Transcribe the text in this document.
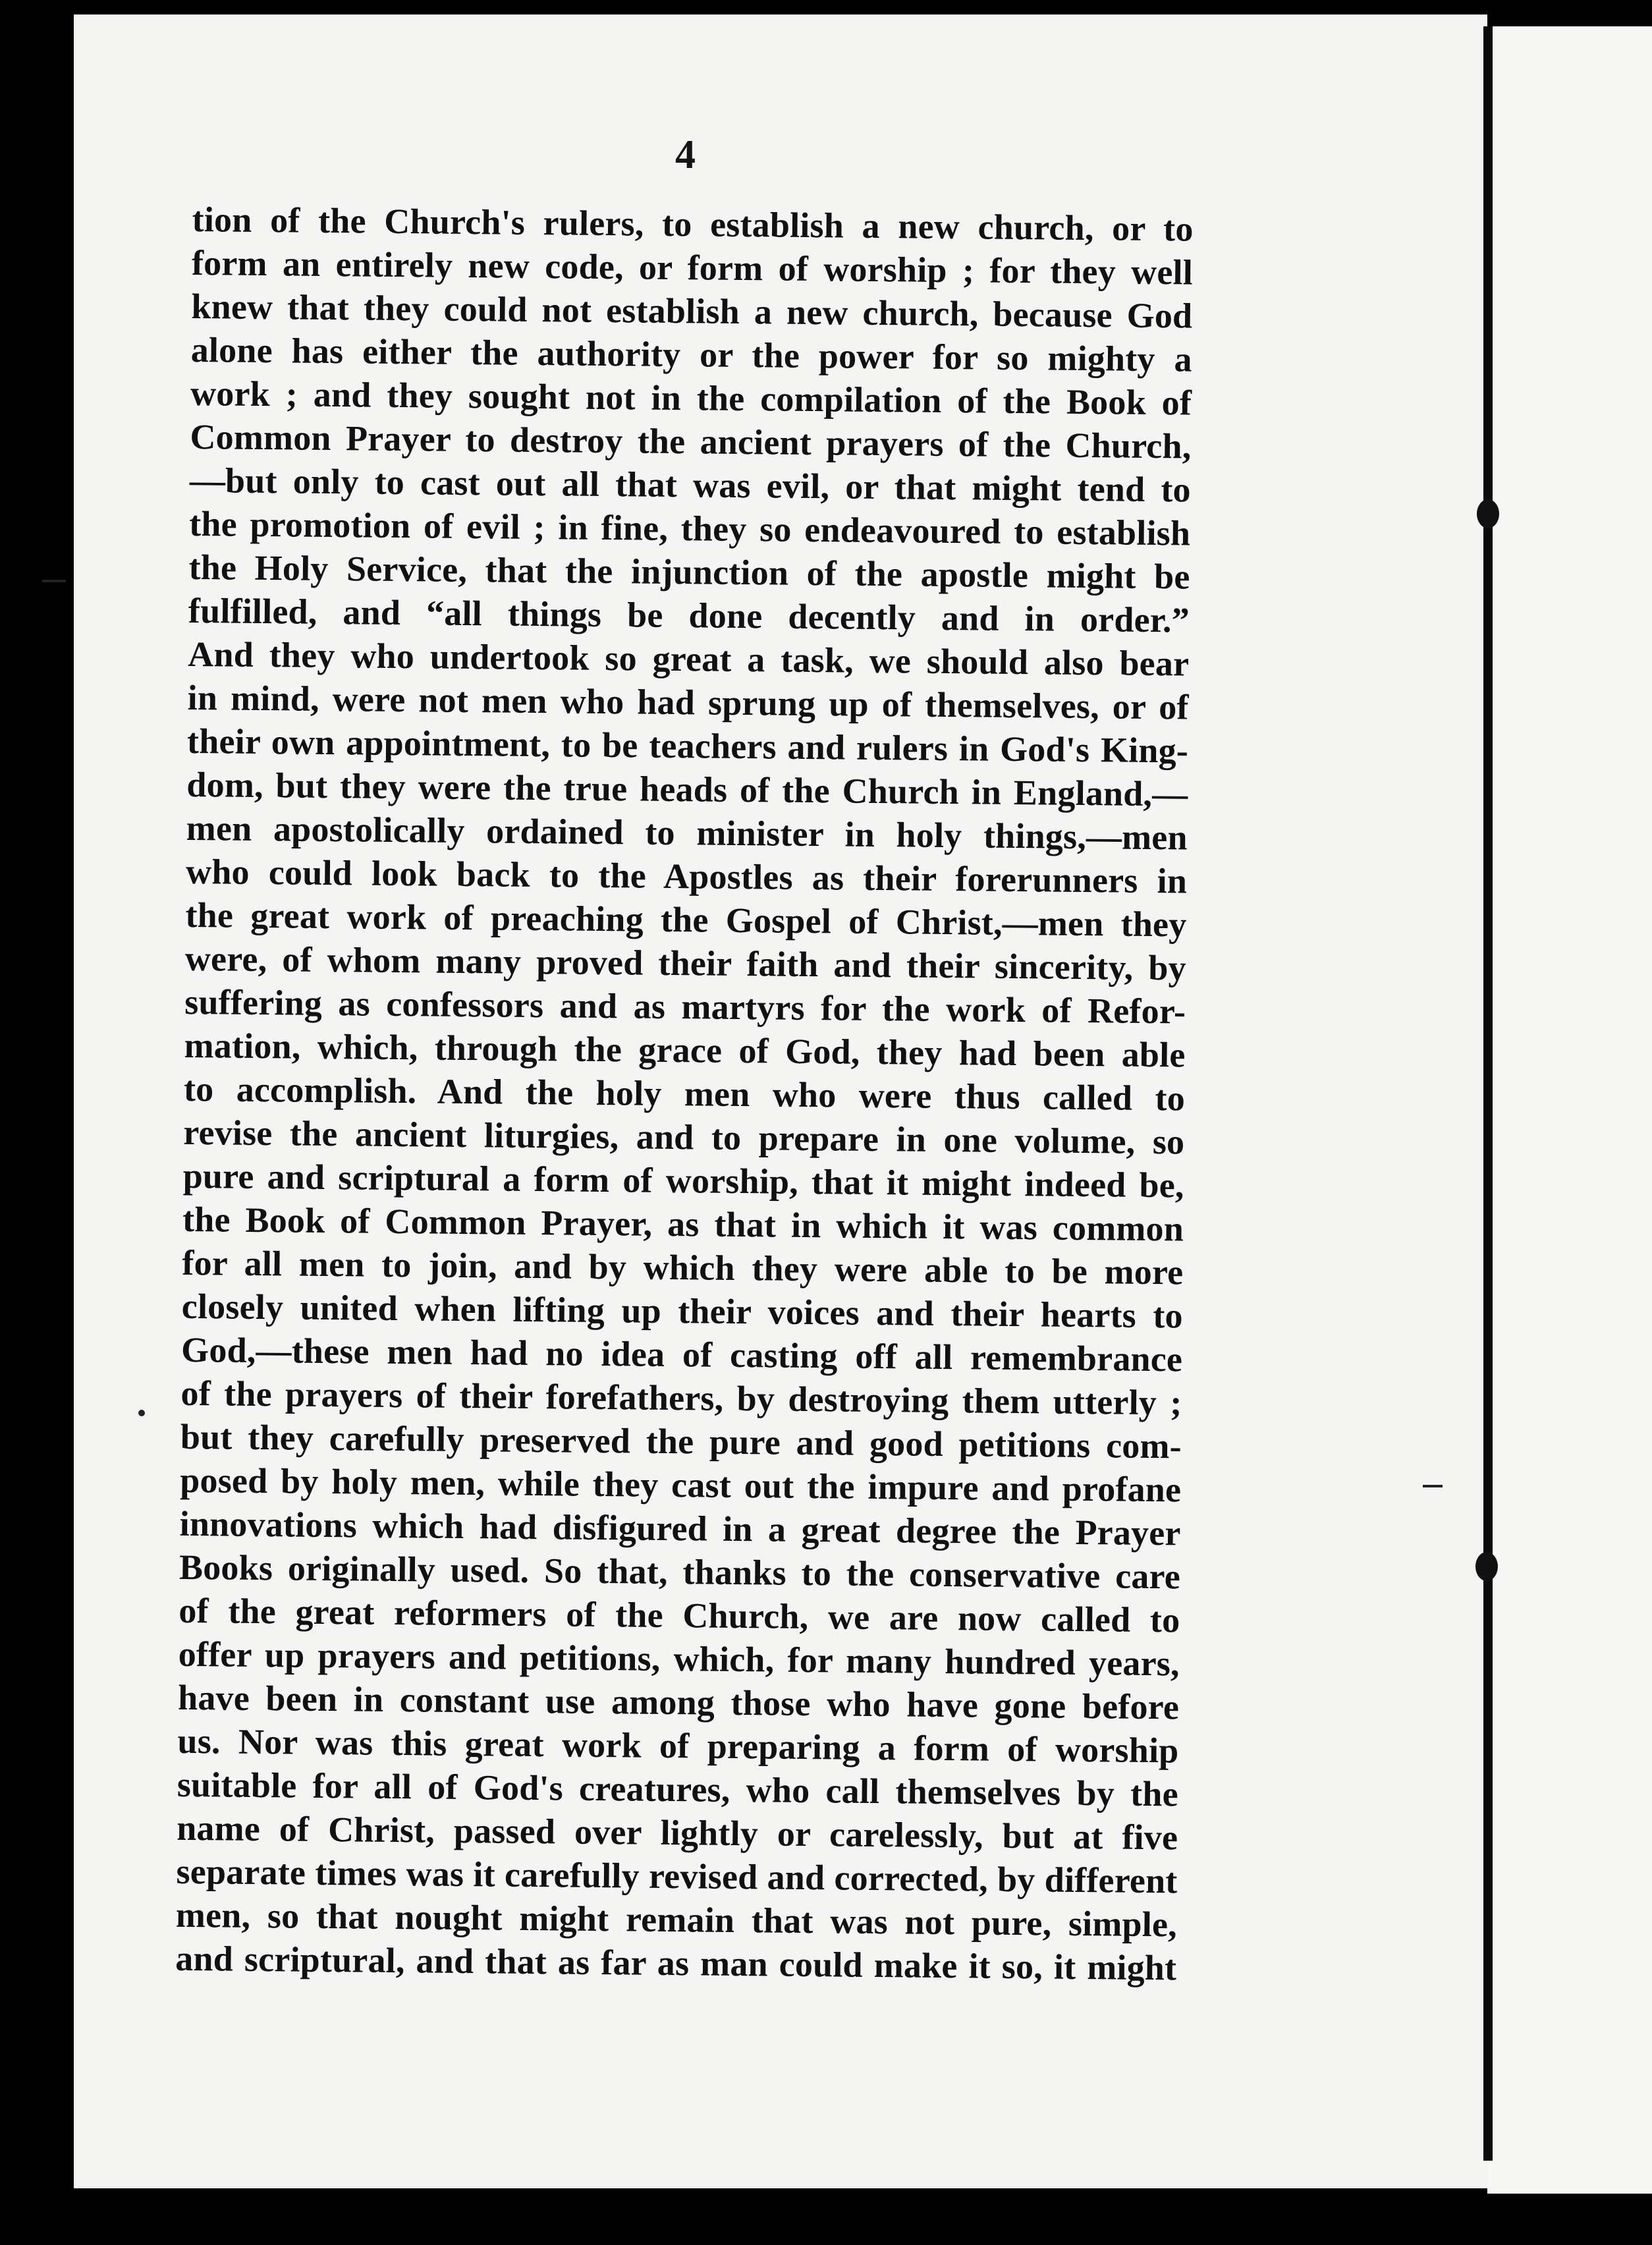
4
tion of the Church's rulers, to establish a new church, or to
form an entirely new code, or form of worship ; for they well
knew that they could not establish a new church, because God
alone has either the authority or the power for so mighty a
work ; and they sought not in the compilation of the Book of
Common Prayer to destroy the ancient prayers of the Church,
—but only to cast out all that was evil, or that might tend to
the promotion of evil ; in fine, they so endeavoured to establish
the Holy Service, that the injunction of the apostle might be
fulfilled, and “all things be done decently and in order.”
And they who undertook so great a task, we should also bear
in mind, were not men who had sprung up of themselves, or of
their own appointment, to be teachers and rulers in God's King-
dom, but they were the true heads of the Church in England,—
men apostolically ordained to minister in holy things,—men
who could look back to the Apostles as their forerunners in
the great work of preaching the Gospel of Christ,—men they
were, of whom many proved their faith and their sincerity, by
suffering as confessors and as martyrs for the work of Refor-
mation, which, through the grace of God, they had been able
to accomplish. And the holy men who were thus called to
revise the ancient liturgies, and to prepare in one volume, so
pure and scriptural a form of worship, that it might indeed be,
the Book of Common Prayer, as that in which it was common
for all men to join, and by which they were able to be more
closely united when lifting up their voices and their hearts to
God,—these men had no idea of casting off all remembrance
of the prayers of their forefathers, by destroying them utterly ;
but they carefully preserved the pure and good petitions com-
posed by holy men, while they cast out the impure and profane
innovations which had disfigured in a great degree the Prayer
Books originally used. So that, thanks to the conservative care
of the great reformers of the Church, we are now called to
offer up prayers and petitions, which, for many hundred years,
have been in constant use among those who have gone before
us. Nor was this great work of preparing a form of worship
suitable for all of God's creatures, who call themselves by the
name of Christ, passed over lightly or carelessly, but at five
separate times was it carefully revised and corrected, by different
men, so that nought might remain that was not pure, simple,
and scriptural, and that as far as man could make it so, it might
